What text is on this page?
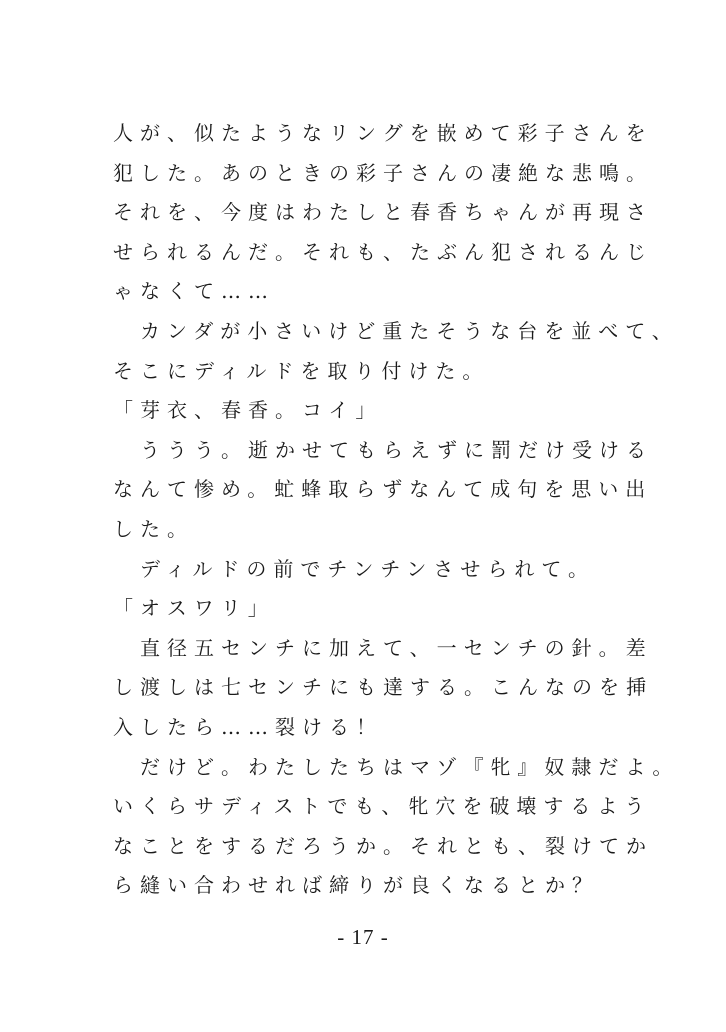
人が、似たようなリングを嵌めて彩子さんを
犯した。あのときの彩子さんの凄絶な悲鳴。
それを、今度はわたしと春香ちゃんが再現さ
せられるんだ。それも、たぶん犯されるんじ
ゃなくて……
　カンダが小さいけど重たそうな台を並べて、
そこにディルドを取り付けた。
「芽衣、春香。コイ」
　ううう。逝かせてもらえずに罰だけ受ける
なんて惨め。虻蜂取らずなんて成句を思い出
した。
　ディルドの前でチンチンさせられて。
「オスワリ」
　直径五センチに加えて、一センチの針。差
し渡しは七センチにも達する。こんなのを挿
入したら……裂ける！
　だけど。わたしたちはマゾ『牝』奴隷だよ。
いくらサディストでも、牝穴を破壊するよう
なことをするだろうか。それとも、裂けてか
ら縫い合わせれば締りが良くなるとか？
- 17 -
